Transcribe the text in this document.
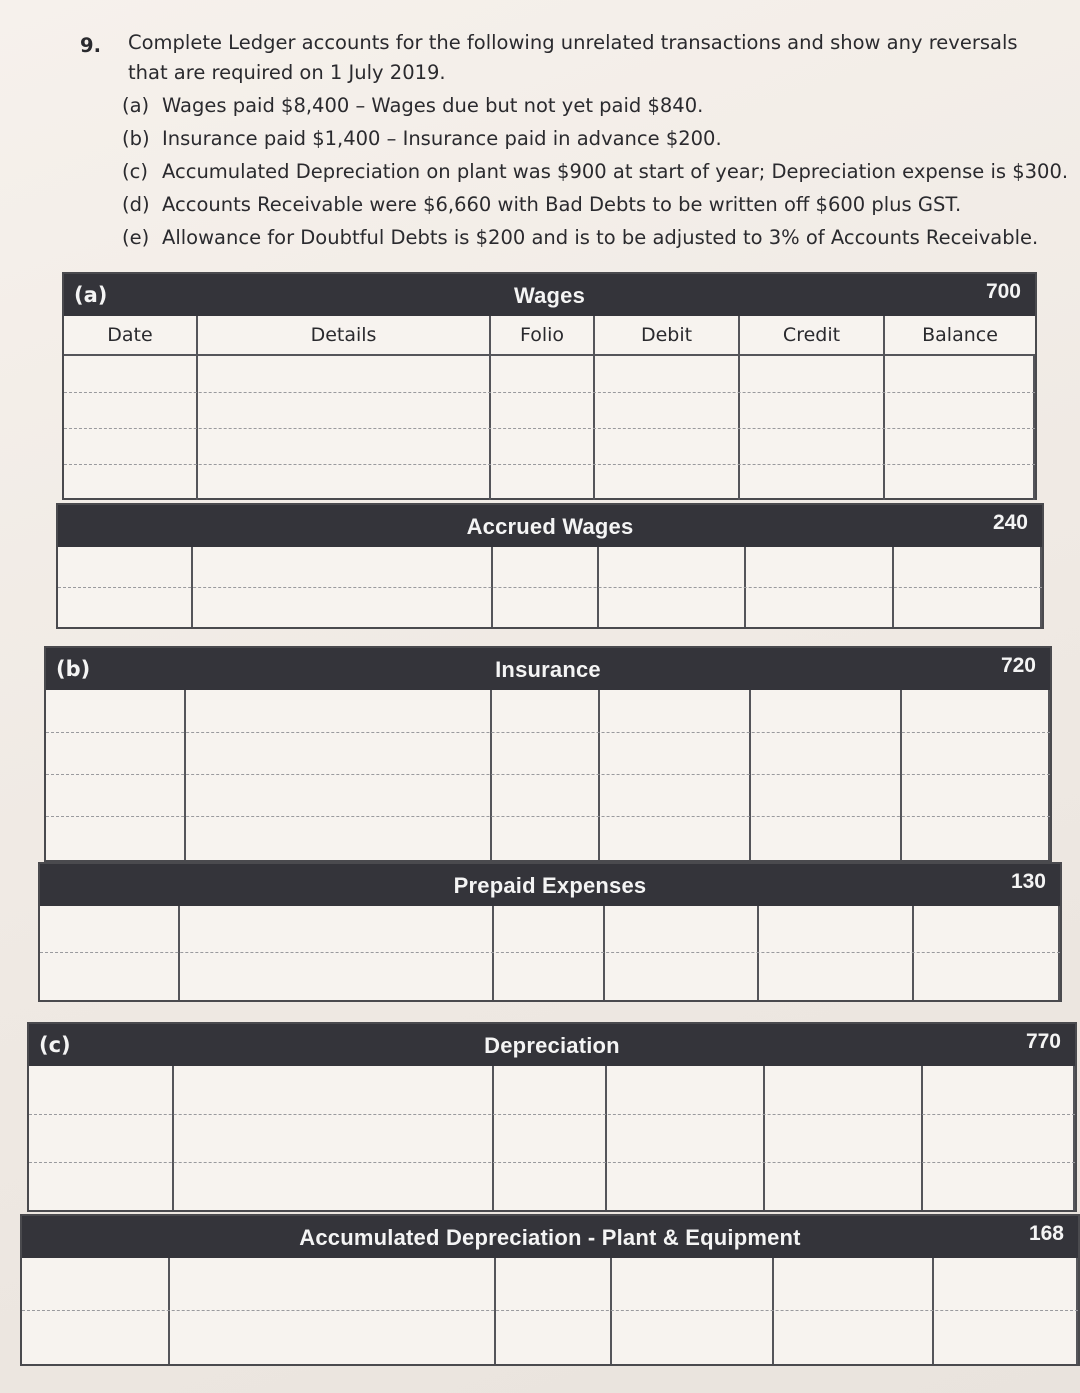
9. Complete Ledger accounts for the following unrelated transactions and show any reversals that are required on 1 July 2019.
(a) Wages paid $8,400 – Wages due but not yet paid $840.
(b) Insurance paid $1,400 – Insurance paid in advance $200.
(c) Accumulated Depreciation on plant was $900 at start of year; Depreciation expense is $300.
(d) Accounts Receivable were $6,660 with Bad Debts to be written off $600 plus GST.
(e) Allowance for Doubtful Debts is $200 and is to be adjusted to 3% of Accounts Receivable.
(a)	Wages	700
Date	Details	Folio	Debit	Credit	Balance
Accrued Wages	240
(b)	Insurance	720
Prepaid Expenses	130
(c)	Depreciation	770
Accumulated Depreciation - Plant & Equipment	168
